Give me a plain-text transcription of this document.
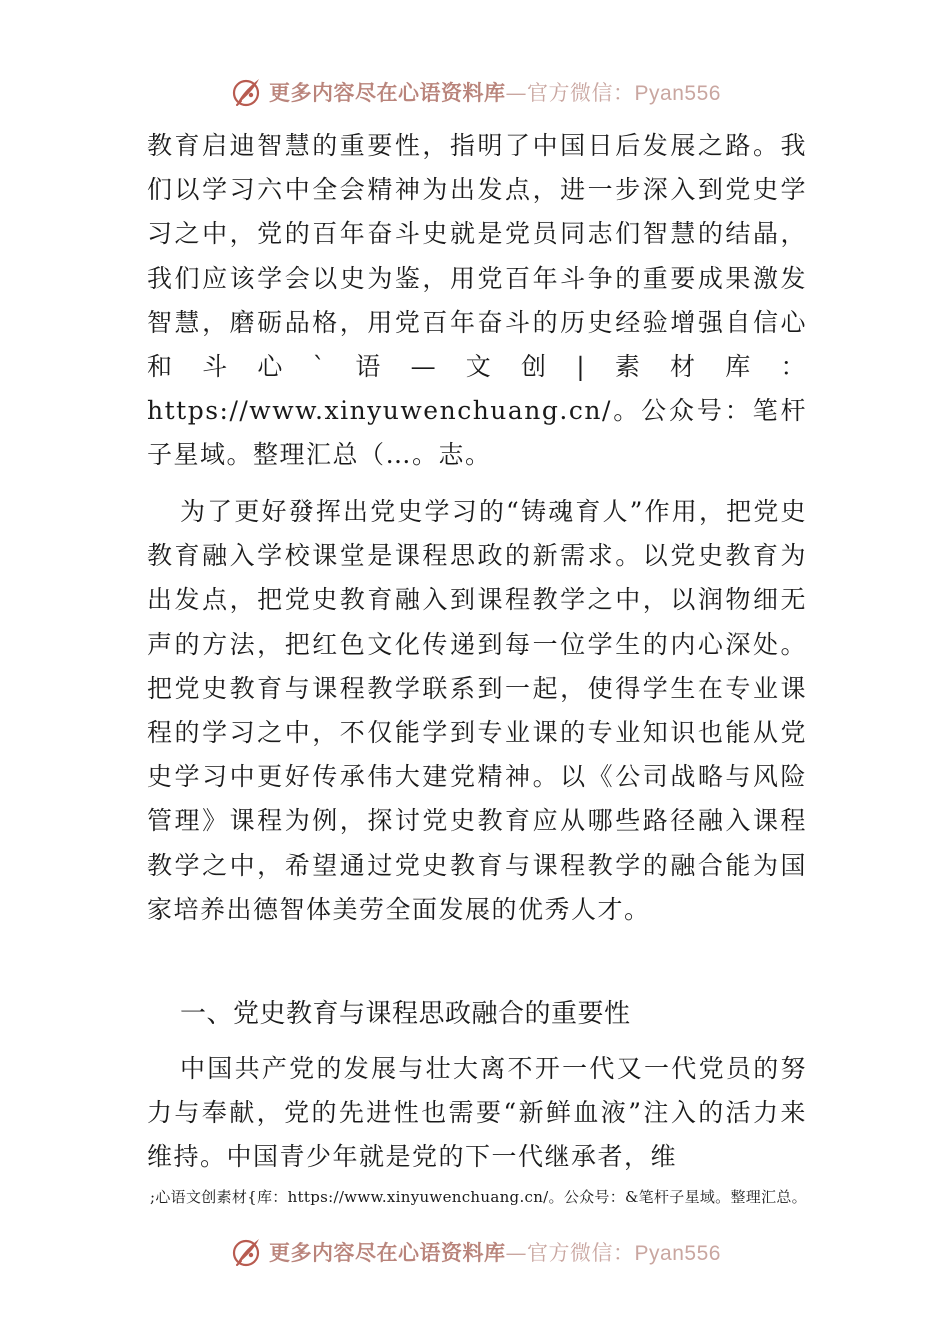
更多内容尽在心语资料库—官方微信：Pyan556
教育启迪智慧的重要性，指明了中国日后发展之路。我们以学习六中全会精神为出发点，进一步深入到党史学习之中，党的百年奋斗史就是党员同志们智慧的结晶，我们应该学会以史为鉴，用党百年斗争的重要成果激发智慧，磨砺品格，用党百年奋斗的历史经验增强自信心和斗心`语—文创|素材库：https://www.xinyuwenchuang.cn/。公众号：笔杆子星域。整理汇总（…。志。
为了更好發挥出党史学习的“铸魂育人”作用，把党史教育融入学校课堂是课程思政的新需求。以党史教育为出发点，把党史教育融入到课程教学之中，以润物细无声的方法，把红色文化传递到每一位学生的内心深处。把党史教育与课程教学联系到一起，使得学生在专业课程的学习之中，不仅能学到专业课的专业知识也能从党史学习中更好传承伟大建党精神。以《公司战略与风险管理》课程为例，探讨党史教育应从哪些路径融入课程教学之中，希望通过党史教育与课程教学的融合能为国家培养出德智体美劳全面发展的优秀人才。
一、党史教育与课程思政融合的重要性
中国共产党的发展与壮大离不开一代又一代党员的努力与奉献，党的先进性也需要“新鲜血液”注入的活力来维持。中国青少年就是党的下一代继承者，维
;心语文创素材{库：https://www.xinyuwenchuang.cn/。公众号：&笔杆子星域。整理汇总。
更多内容尽在心语资料库—官方微信：Pyan556
